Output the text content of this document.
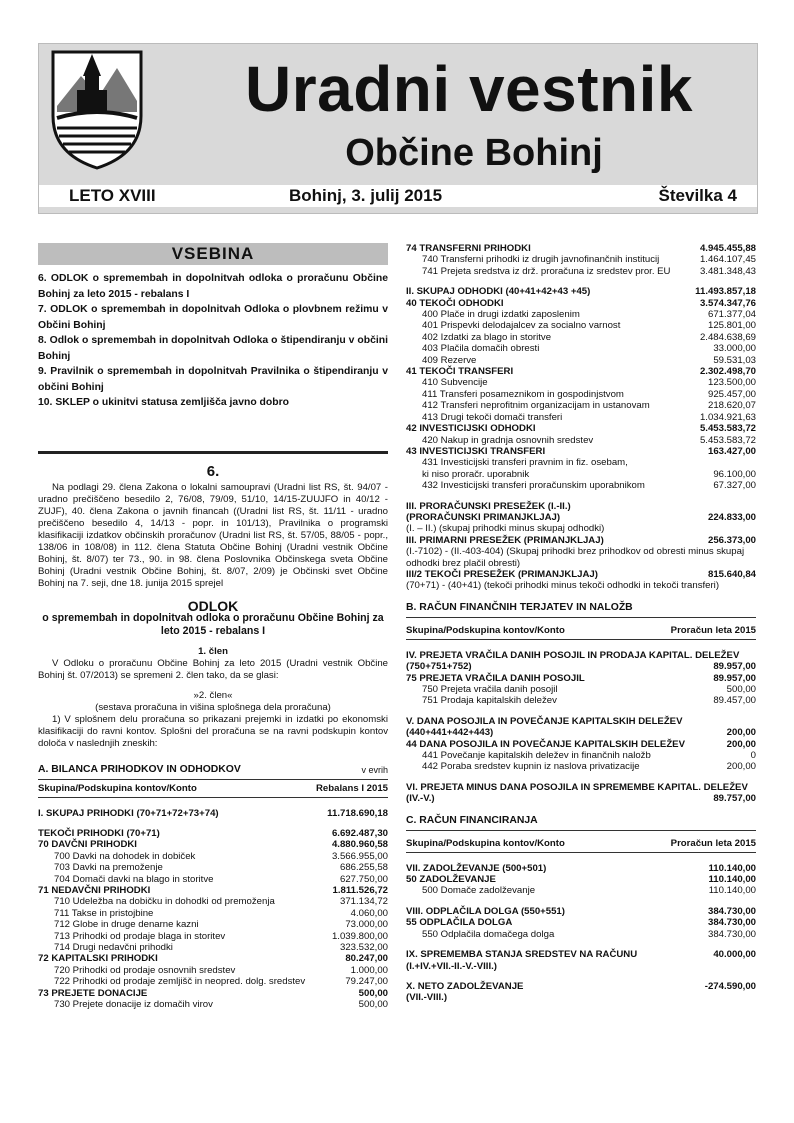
Uradni vestnik
Občine Bohinj
LETO XVIII	Bohinj, 3. julij 2015	Številka 4
VSEBINA
6. ODLOK o spremembah in dopolnitvah odloka o proračunu Občine Bohinj za leto 2015 - rebalans I
7. ODLOK o spremembah in dopolnitvah Odloka o plovbnem režimu v Občini Bohinj
8. Odlok o spremembah in dopolnitvah Odloka o štipendiranju v občini Bohinj
9. Pravilnik o spremembah in dopolnitvah Pravilnika o štipendiranju v občini Bohinj
10. SKLEP o ukinitvi statusa zemljišča javno dobro
6.
Na podlagi 29. člena Zakona o lokalni samoupravi (Uradni list RS, št. 94/07 - uradno prečiščeno besedilo 2, 76/08, 79/09, 51/10, 14/15-ZUUJFO in 40/12 - ZUJF), 40. člena Zakona o javnih financah ((Uradni list RS, št. 11/11 - uradno prečiščeno besedilo 4, 14/13 - popr. in 101/13), Pravilnika o programski klasifikaciji izdatkov občinskih proračunov (Uradni list RS, št. 57/05, 88/05 - popr., 138/06 in 108/08) in 112. člena Statuta Občine Bohinj (Uradni vestnik Občine Bohinj, št. 8/07) ter 73., 90. in 98. člena Poslovnika Občinskega sveta Občine Bohinj (Uradni vestnik Občine Bohinj, št. 8/07, 2/09) je Občinski svet Občine Bohinj na 7. seji, dne 18. junija 2015 sprejel
ODLOK
o spremembah in dopolnitvah odloka o proračunu Občine Bohinj za leto 2015 - rebalans I
1. člen
V Odloku o proračunu Občine Bohinj za leto 2015 (Uradni vestnik Občine Bohinj št. 07/2013) se spremeni 2. člen tako, da se glasi:
»2. člen«
(sestava proračuna in višina splošnega dela proračuna)
1) V splošnem delu proračuna so prikazani prejemki in izdatki po ekonomski klasifikaciji do ravni kontov. Splošni del proračuna se na ravni podskupin kontov določa v naslednjih zneskih:
A. BILANCA PRIHODKOV IN ODHODKOV	v evrih
Skupina/Podskupina kontov/Konto	Rebalans I 2015
I. SKUPAJ PRIHODKI (70+71+72+73+74)	11.718.690,18
TEKOČI PRIHODKI (70+71)	6.692.487,30
70 DAVČNI PRIHODKI	4.880.960,58
700 Davki na dohodek in dobiček	3.566.955,00
703 Davki na premoženje	686.255,58
704 Domači davki na blago in storitve	627.750,00
71 NEDAVČNI PRIHODKI	1.811.526,72
710 Udeležba na dobičku in dohodki od premoženja	371.134,72
711 Takse in pristojbine	4.060,00
712 Globe in druge denarne kazni	73.000,00
713 Prihodki od prodaje blaga in storitev	1.039.800,00
714 Drugi nedavčni prihodki	323.532,00
72 KAPITALSKI PRIHODKI	80.247,00
720 Prihodki od prodaje osnovnih sredstev	1.000,00
722 Prihodki od prodaje zemljišč in neopred. dolg. sredstev	79.247,00
73 PREJETE DONACIJE	500,00
730 Prejete donacije iz domačih virov	500,00
74 TRANSFERNI PRIHODKI	4.945.455,88
740 Transferni prihodki iz drugih javnofinančnih institucij	1.464.107,45
741 Prejeta sredstva iz drž. proračuna iz sredstev pror. EU	3.481.348,43
II. SKUPAJ ODHODKI (40+41+42+43 +45)	11.493.857,18
40 TEKOČI ODHODKI	3.574.347,76
400 Plače in drugi izdatki zaposlenim	671.377,04
401 Prispevki delodajalcev za socialno varnost	125.801,00
402 Izdatki za blago in storitve	2.484.638,69
403 Plačila domačih obresti	33.000,00
409 Rezerve	59.531,03
41 TEKOČI TRANSFERI	2.302.498,70
410 Subvencije	123.500,00
411 Transferi posameznikom in gospodinjstvom	925.457,00
412 Transferi neprofitnim organizacijam in ustanovam	218.620,07
413 Drugi tekoči domači transferi	1.034.921,63
42 INVESTICIJSKI ODHODKI	5.453.583,72
420 Nakup in gradnja osnovnih sredstev	5.453.583,72
43 INVESTICIJSKI TRANSFERI	163.427,00
431 Investicijski transferi pravnim in fiz. osebam,
ki niso proračr. uporabnik	96.100,00
432 Investicijski transferi proračunskim uporabnikom	67.327,00
III. PRORAČUNSKI PRESEŽEK (I.-II.)
(PRORAČUNSKI PRIMANJKLJAJ)	224.833,00
(I. – II.) (skupaj prihodki minus skupaj odhodki)
III. PRIMARNI PRESEŽEK (PRIMANJKLJAJ)	256.373,00
(I.-7102) - (II.-403-404) (Skupaj prihodki brez prihodkov od obresti minus skupaj odhodki brez plačil obresti)
III/2 TEKOČI PRESEŽEK (PRIMANJKLJAJ)	815.640,84
(70+71) - (40+41) (tekoči prihodki minus tekoči odhodki in tekoči transferi)
B. RAČUN FINANČNIH TERJATEV IN NALOŽB
Skupina/Podskupina kontov/Konto	Proračun leta 2015
IV. PREJETA VRAČILA DANIH POSOJIL IN PRODAJA KAPITAL. DELEŽEV
(750+751+752)	89.957,00
75 PREJETA VRAČILA DANIH POSOJIL	89.957,00
750 Prejeta vračila danih posojil	500,00
751 Prodaja kapitalskih deležev	89.457,00
V. DANA POSOJILA IN POVEČANJE KAPITALSKIH DELEŽEV
(440+441+442+443)	200,00
44 DANA POSOJILA IN POVEČANJE KAPITALSKIH DELEŽEV	200,00
441 Povečanje kapitalskih deležev in finančnih naložb	0
442 Poraba sredstev kupnin iz naslova privatizacije	200,00
VI. PREJETA MINUS DANA POSOJILA IN SPREMEMBE KAPITAL. DELEŽEV
(IV.-V.)	89.757,00
C. RAČUN FINANCIRANJA
Skupina/Podskupina kontov/Konto	Proračun leta 2015
VII. ZADOLŽEVANJE (500+501)	110.140,00
50 ZADOLŽEVANJE	110.140,00
500 Domače zadolževanje	110.140,00
VIII. ODPLAČILA DOLGA (550+551)	384.730,00
55 ODPLAČILA DOLGA	384.730,00
550 Odplačila domačega dolga	384.730,00
IX. SPREMEMBA STANJA SREDSTEV NA RAČUNU	40.000,00
(I.+IV.+VII.-II.-V.-VIII.)
X. NETO ZADOLŽEVANJE	-274.590,00
(VII.-VIII.)
